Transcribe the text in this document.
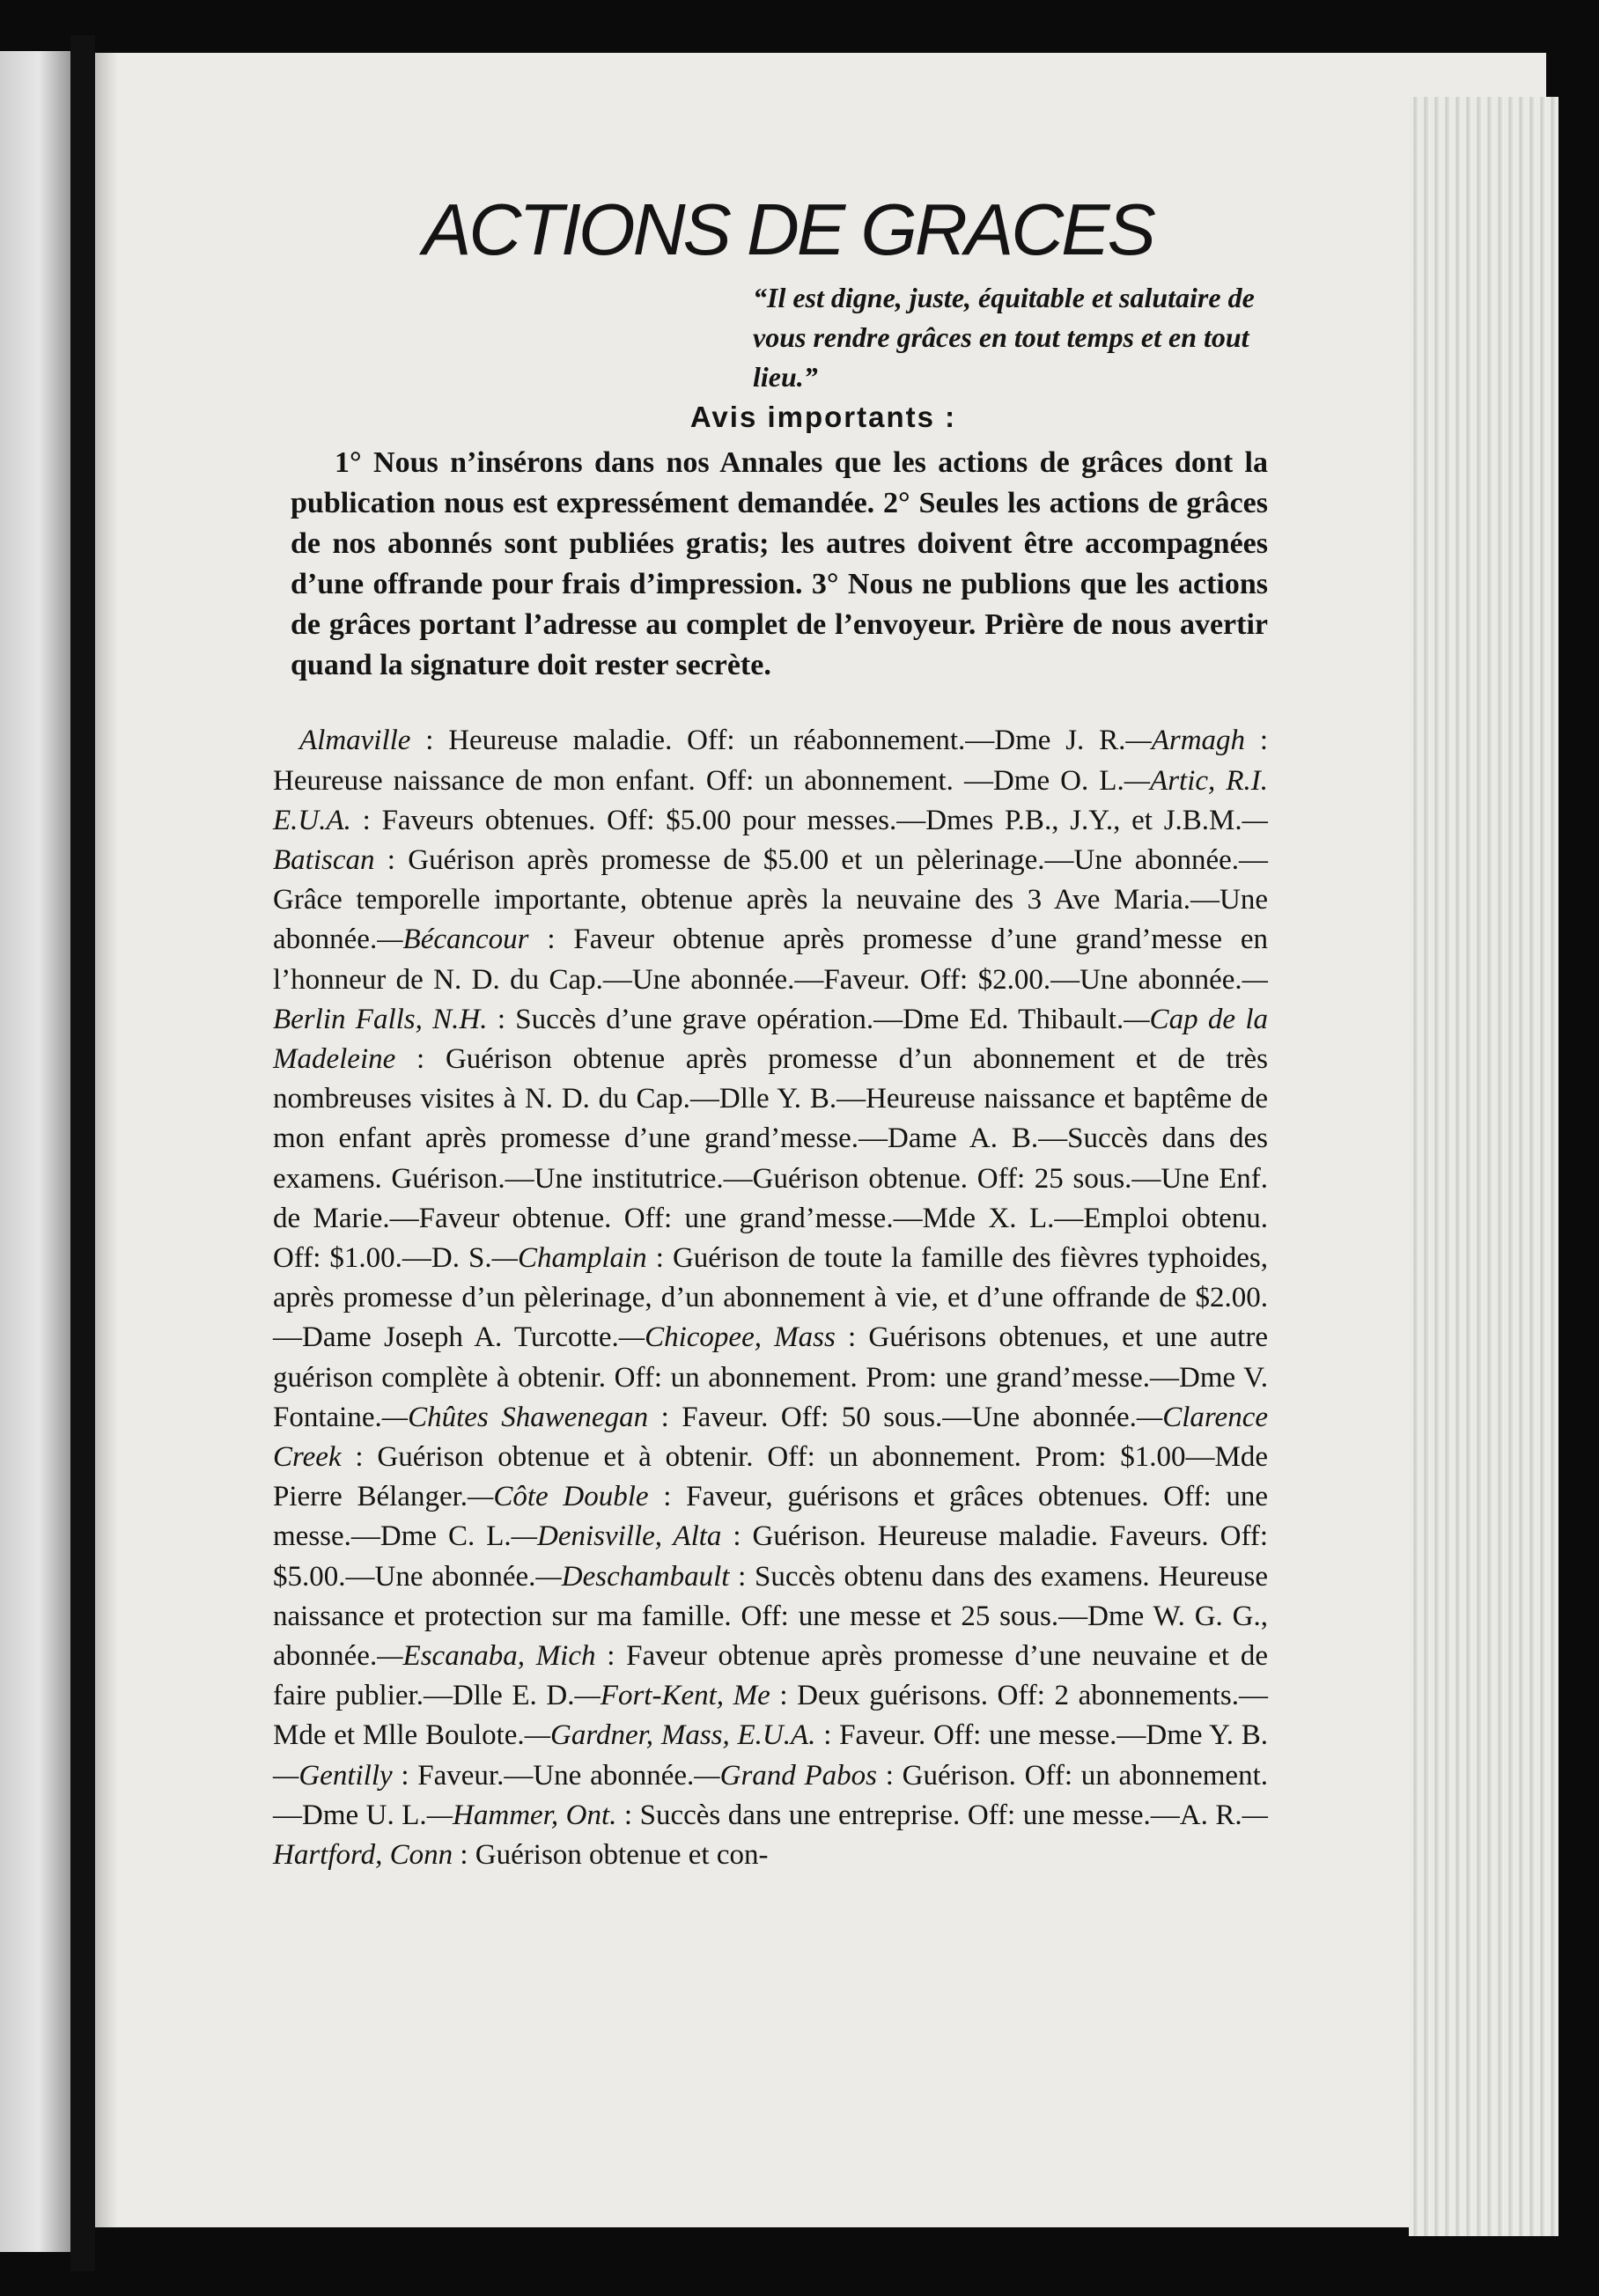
ACTIONS DE GRACES

“Il est digne, juste, équitable et salutaire de vous rendre grâces en tout temps et en tout lieu.”

Avis importants :

1° Nous n’insérons dans nos Annales que les actions de grâces dont la publication nous est expressément demandée. 2° Seules les actions de grâces de nos abonnés sont publiées gratis; les autres doivent être accompagnées d’une offrande pour frais d’impression. 3° Nous ne publions que les actions de grâces portant l’adresse au complet de l’envoyeur. Prière de nous avertir quand la signature doit rester secrète.

Almaville : Heureuse maladie. Off: un réabonnement.—Dme J. R.—Armagh : Heureuse naissance de mon enfant. Off: un abonnement. —Dme O. L.—Artic, R.I. E.U.A. : Faveurs obtenues. Off: $5.00 pour messes.—Dmes P.B., J.Y., et J.B.M.—Batiscan : Guérison après promesse de $5.00 et un pèlerinage.—Une abonnée.—Grâce temporelle importante, obtenue après la neuvaine des 3 Ave Maria.—Une abonnée.—Bécancour : Faveur obtenue après promesse d’une grand’messe en l’honneur de N. D. du Cap.—Une abonnée.—Faveur. Off: $2.00.—Une abonnée.—Berlin Falls, N.H. : Succès d’une grave opération.—Dme Ed. Thibault.—Cap de la Madeleine : Guérison obtenue après promesse d’un abonnement et de très nombreuses visites à N. D. du Cap.—Dlle Y. B.—Heureuse naissance et baptême de mon enfant après promesse d’une grand’messe.—Dame A. B.—Succès dans des examens. Guérison.—Une institutrice.—Guérison obtenue. Off: 25 sous.—Une Enf. de Marie.—Faveur obtenue. Off: une grand’messe.—Mde X. L.—Emploi obtenu. Off: $1.00.—D. S.—Champlain : Guérison de toute la famille des fièvres typhoides, après promesse d’un pèlerinage, d’un abonnement à vie, et d’une offrande de $2.00.—Dame Joseph A. Turcotte.—Chicopee, Mass : Guérisons obtenues, et une autre guérison complète à obtenir. Off: un abonnement. Prom: une grand’messe.—Dme V. Fontaine.—Chûtes Shawenegan : Faveur. Off: 50 sous.—Une abonnée.—Clarence Creek : Guérison obtenue et à obtenir. Off: un abonnement. Prom: $1.00—Mde Pierre Bélanger.—Côte Double : Faveur, guérisons et grâces obtenues. Off: une messe.—Dme C. L.—Denisville, Alta : Guérison. Heureuse maladie. Faveurs. Off: $5.00.—Une abonnée.—Deschambault : Succès obtenu dans des examens. Heureuse naissance et protection sur ma famille. Off: une messe et 25 sous.—Dme W. G. G., abonnée.—Escanaba, Mich : Faveur obtenue après promesse d’une neuvaine et de faire publier.—Dlle E. D.—Fort-Kent, Me : Deux guérisons. Off: 2 abonnements.—Mde et Mlle Boulote.—Gardner, Mass, E.U.A. : Faveur. Off: une messe.—Dme Y. B.—Gentilly : Faveur.—Une abonnée.—Grand Pabos : Guérison. Off: un abonnement.—Dme U. L.—Hammer, Ont. : Succès dans une entreprise. Off: une messe.—A. R.—Hartford, Conn : Guérison obtenue et con-
